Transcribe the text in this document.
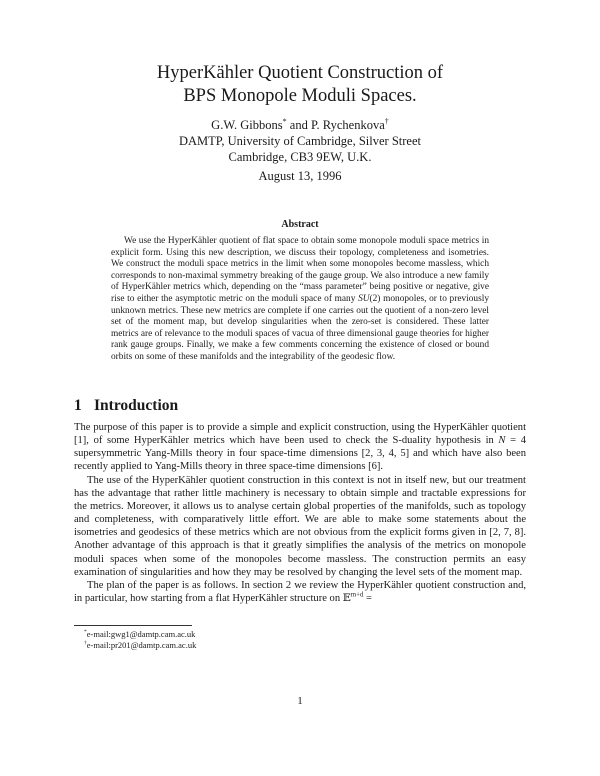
HyperKähler Quotient Construction of
BPS Monopole Moduli Spaces.
G.W. Gibbons* and P. Rychenkova†
DAMTP, University of Cambridge, Silver Street
Cambridge, CB3 9EW, U.K.
August 13, 1996
Abstract
We use the HyperKähler quotient of flat space to obtain some monopole moduli space metrics in explicit form. Using this new description, we discuss their topology, completeness and isometries. We construct the moduli space metrics in the limit when some monopoles become massless, which corresponds to non-maximal symmetry breaking of the gauge group. We also introduce a new family of HyperKähler metrics which, depending on the “mass parameter” being positive or negative, give rise to either the asymptotic metric on the moduli space of many SU(2) monopoles, or to previously unknown metrics. These new metrics are complete if one carries out the quotient of a non-zero level set of the moment map, but develop singularities when the zero-set is considered. These latter metrics are of relevance to the moduli spaces of vacua of three dimensional gauge theories for higher rank gauge groups. Finally, we make a few comments concerning the existence of closed or bound orbits on some of these manifolds and the integrability of the geodesic flow.
1 Introduction

The purpose of this paper is to provide a simple and explicit construction, using the HyperKähler quotient [1], of some HyperKähler metrics which have been used to check the S-duality hypothesis in N = 4 supersymmetric Yang-Mills theory in four space-time dimensions [2, 3, 4, 5] and which have also been recently applied to Yang-Mills theory in three space-time dimensions [6].

The use of the HyperKähler quotient construction in this context is not in itself new, but our treatment has the advantage that rather little machinery is necessary to obtain simple and tractable expressions for the metrics. Moreover, it allows us to analyse certain global properties of the manifolds, such as topology and completeness, with comparatively little effort. We are able to make some statements about the isometries and geodesics of these metrics which are not obvious from the explicit forms given in [2, 7, 8]. Another advantage of this approach is that it greatly simplifies the analysis of the metrics on monopole moduli spaces when some of the monopoles become massless. The construction permits an easy examination of singularities and how they may be resolved by changing the level sets of the moment map.

The plan of the paper is as follows. In section 2 we review the HyperKähler quotient construction and, in particular, how starting from a flat HyperKähler structure on 𝔼$^{m+d}$ =

*e-mail:gwg1@damtp.cam.ac.uk
†e-mail:pr201@damtp.cam.ac.uk
1
